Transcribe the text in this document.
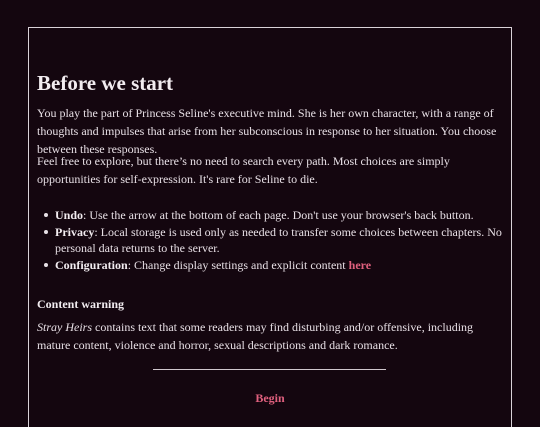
Before we start

You play the part of Princess Seline's executive mind. She is her own character, with a range of thoughts and impulses that arise from her subconscious in response to her situation. You choose between these responses.

Feel free to explore, but there’s no need to search every path. Most choices are simply opportunities for self-expression. It's rare for Seline to die.

Undo: Use the arrow at the bottom of each page. Don't use your browser's back button.
Privacy: Local storage is used only as needed to transfer some choices between chapters. No personal data returns to the server.
Configuration: Change display settings and explicit content here
Content warning

Stray Heirs contains text that some readers may find disturbing and/or offensive, including mature content, violence and horror, sexual descriptions and dark romance.

Begin
